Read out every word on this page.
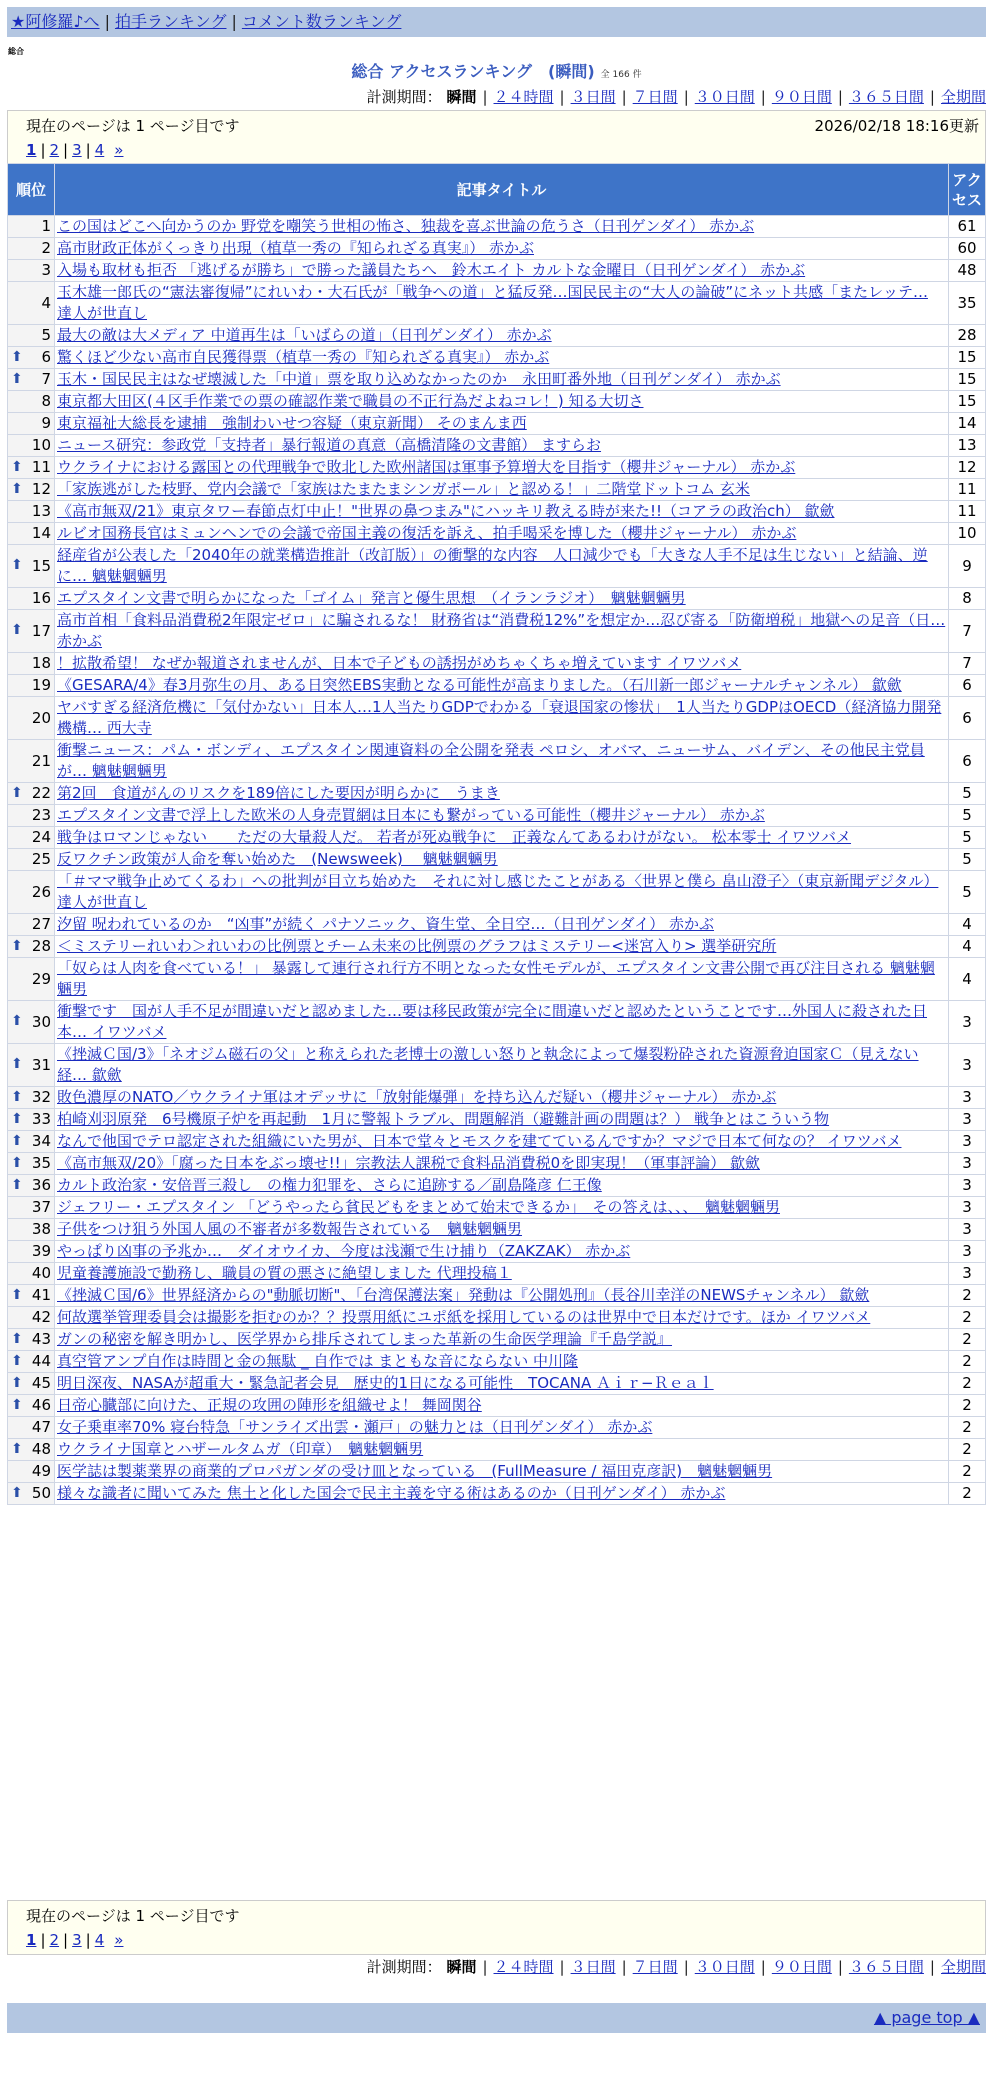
★阿修羅♪へ | 拍手ランキング | コメント数ランキング
総合
総合 アクセスランキング　(瞬間) 全 166 件
計測期間： 瞬間 | ２４時間 | ３日間 | ７日間 | ３０日間 | ９０日間 | ３６５日間 | 全期間
現在のページは 1 ページ目です	2026/02/18 18:16更新
1 | 2 | 3 | 4 »
順位	記事タイトル	アクセス
1	この国はどこへ向かうのか 野党を嘲笑う世相の怖さ、独裁を喜ぶ世論の危うさ（日刊ゲンダイ） 赤かぶ	61
2	高市財政正体がくっきり出現（植草一秀の『知られざる真実』） 赤かぶ	60
3	入場も取材も拒否 「逃げるが勝ち」で勝った議員たちへ　鈴木エイト カルトな金曜日（日刊ゲンダイ） 赤かぶ	48
4	玉木雄一郎氏の“憲法審復帰”にれいわ・大石氏が「戦争への道」と猛反発…国民民主の“大人の論破”にネット共感「またレッテ… 達人が世直し	35
5	最大の敵は大メディア 中道再生は「いばらの道」（日刊ゲンダイ） 赤かぶ	28

⬆ 6	驚くほど少ない高市自民獲得票（植草一秀の『知られざる真実』） 赤かぶ	15

⬆ 7	玉木・国民民主はなぜ壊滅した「中道」票を取り込めなかったのか　永田町番外地（日刊ゲンダイ） 赤かぶ	15
8	東京都大田区(４区手作業での票の確認作業で職員の不正行為だよねコレ！) 知る大切さ	15
9	東京福祉大総長を逮捕　強制わいせつ容疑（東京新聞） そのまんま西	14
10	ニュース研究：参政党「支持者」暴行報道の真意（高橋清隆の文書館） ますらお	13

⬆ 11	ウクライナにおける露国との代理戦争で敗北した欧州諸国は軍事予算増大を目指す（櫻井ジャーナル） 赤かぶ	12

⬆ 12	「家族逃がした枝野、党内会議で「家族はたまたまシンガポール」と認める！」二階堂ドットコム 玄米	11
13	《高市無双/21》東京タワー春節点灯中止！"世界の鼻つまみ"にハッキリ教える時が来た!!（コアラの政治ch） 歙歛	11
14	ルビオ国務長官はミュンヘンでの会議で帝国主義の復活を訴え、拍手喝采を博した（櫻井ジャーナル） 赤かぶ	10

⬆ 15	経産省が公表した「2040年の就業構造推計（改訂版）」の衝撃的な内容　人口減少でも「大きな人手不足は生じない」と結論、逆に… 魑魅魍魎男	9
16	エプスタイン文書で明らかになった「ゴイム」発言と優生思想　（イランラジオ）　魑魅魍魎男	8

⬆ 17	高市首相「食料品消費税2年限定ゼロ」に騙されるな！ 財務省は“消費税12%”を想定か…忍び寄る「防衛増税」地獄への足音（日… 赤かぶ	7
18	！拡散希望！ なぜか報道されませんが、日本で子どもの誘拐がめちゃくちゃ増えています イワツバメ	7
19	《GESARA/4》春3月弥生の月、ある日突然EBS実動となる可能性が高まりました。（石川新一郎ジャーナルチャンネル） 歙歛	6
20	ヤバすぎる経済危機に「気付かない」日本人…1人当たりGDPでわかる「衰退国家の惨状」　1人当たりGDPはOECD（経済協力開発機構… 西大寺	6
21	衝撃ニュース：パム・ボンディ、エプスタイン関連資料の全公開を発表 ペロシ、オバマ、ニューサム、バイデン、その他民主党員が… 魑魅魍魎男	6

⬆ 22	第2回　食道がんのリスクを189倍にした要因が明らかに　うまき	5
23	エプスタイン文書で浮上した欧米の人身売買網は日本にも繋がっている可能性（櫻井ジャーナル） 赤かぶ	5
24	戦争はロマンじゃない　　ただの大量殺人だ。 若者が死ぬ戦争に　正義なんてあるわけがない。 松本零士 イワツバメ	5
25	反ワクチン政策が人命を奪い始めた　(Newsweek)　 魑魅魍魎男	5
26	「＃ママ戦争止めてくるわ」への批判が目立ち始めた　それに対し感じたことがある〈世界と僕ら 畠山澄子〉（東京新聞デジタル） 達人が世直し	5
27	汐留 呪われているのか　“凶事”が続く パナソニック、資生堂、全日空…（日刊ゲンダイ） 赤かぶ	4

⬆ 28	＜ミステリーれいわ＞れいわの比例票とチーム未来の比例票のグラフはミステリー<迷宮入り> 選挙研究所	4
29	「奴らは人肉を食べている！」 暴露して連行され行方不明となった女性モデルが、エプスタイン文書公開で再び注目される 魑魅魍魎男	4

⬆ 30	衝撃です　国が人手不足が間違いだと認めました…要は移民政策が完全に間違いだと認めたということです…外国人に殺された日本… イワツバメ	3

⬆ 31	《挫滅Ｃ国/3》「ネオジム磁石の父」と称えられた老博士の激しい怒りと執念によって爆裂粉砕された資源脅迫国家Ｃ（見えない経… 歙歛	3

⬆ 32	敗色濃厚のNATO／ウクライナ軍はオデッサに「放射能爆弾」を持ち込んだ疑い（櫻井ジャーナル） 赤かぶ	3

⬆ 33	柏崎刈羽原発　6号機原子炉を再起動　1月に警報トラブル、問題解消（避難計画の問題は？） 戦争とはこういう物	3

⬆ 34	なんで他国でテロ認定された組織にいた男が、日本で堂々とモスクを建てているんですか？マジで日本て何なの？ イワツバメ	3

⬆ 35	《高市無双/20》「腐った日本をぶっ壊せ!!」宗教法人課税で食料品消費税0を即実現！（軍事評論） 歙歛	3

⬆ 36	カルト政治家・安倍晋三殺し　の権力犯罪を、さらに追跡する／副島隆彦 仁王像	3
37	ジェフリー・エプスタイン 「どうやったら貧民どもをまとめて始末できるか」　その答えは、、、　魑魅魍魎男	3
38	子供をつけ狙う外国人風の不審者が多数報告されている　魑魅魍魎男	3
39	やっぱり凶事の予兆か…　ダイオウイカ、今度は浅瀬で生け捕り（ZAKZAK） 赤かぶ	3
40	児童養護施設で勤務し、職員の質の悪さに絶望しました 代理投稿１	3

⬆ 41	《挫滅Ｃ国/6》世界経済からの"動脈切断"、「台湾保護法案」発動は『公開処刑』（長谷川幸洋のNEWSチャンネル） 歙歛	2
42	何故選挙管理委員会は撮影を拒むのか？？投票用紙にユポ紙を採用しているのは世界中で日本だけです。ほか イワツバメ	2

⬆ 43	ガンの秘密を解き明かし、医学界から排斥されてしまった革新の生命医学理論『千島学説』	2

⬆ 44	真空管アンプ自作は時間と金の無駄 _ 自作では まともな音にならない 中川隆	2

⬆ 45	明日深夜、NASAが超重大・緊急記者会見　歴史的1日になる可能性　TOCANA Ａｉｒ−Ｒｅａｌ	2

⬆ 46	日帝心臓部に向けた、正規の攻囲の陣形を組織せよ！ 舞岡関谷	2
47	女子乗車率70% 寝台特急「サンライズ出雲・瀬戸」の魅力とは（日刊ゲンダイ） 赤かぶ	2

⬆ 48	ウクライナ国章とハザールタムガ（印章）　魑魅魍魎男	2
49	医学誌は製薬業界の商業的プロパガンダの受け皿となっている　(FullMeasure / 福田克彦訳)　魑魅魍魎男	2

⬆ 50	様々な識者に聞いてみた 焦土と化した国会で民主主義を守る術はあるのか（日刊ゲンダイ） 赤かぶ	2
現在のページは 1 ページ目です
1 | 2 | 3 | 4 »
計測期間： 瞬間 | ２４時間 | ３日間 | ７日間 | ３０日間 | ９０日間 | ３６５日間 | 全期間
▲ page top ▲
